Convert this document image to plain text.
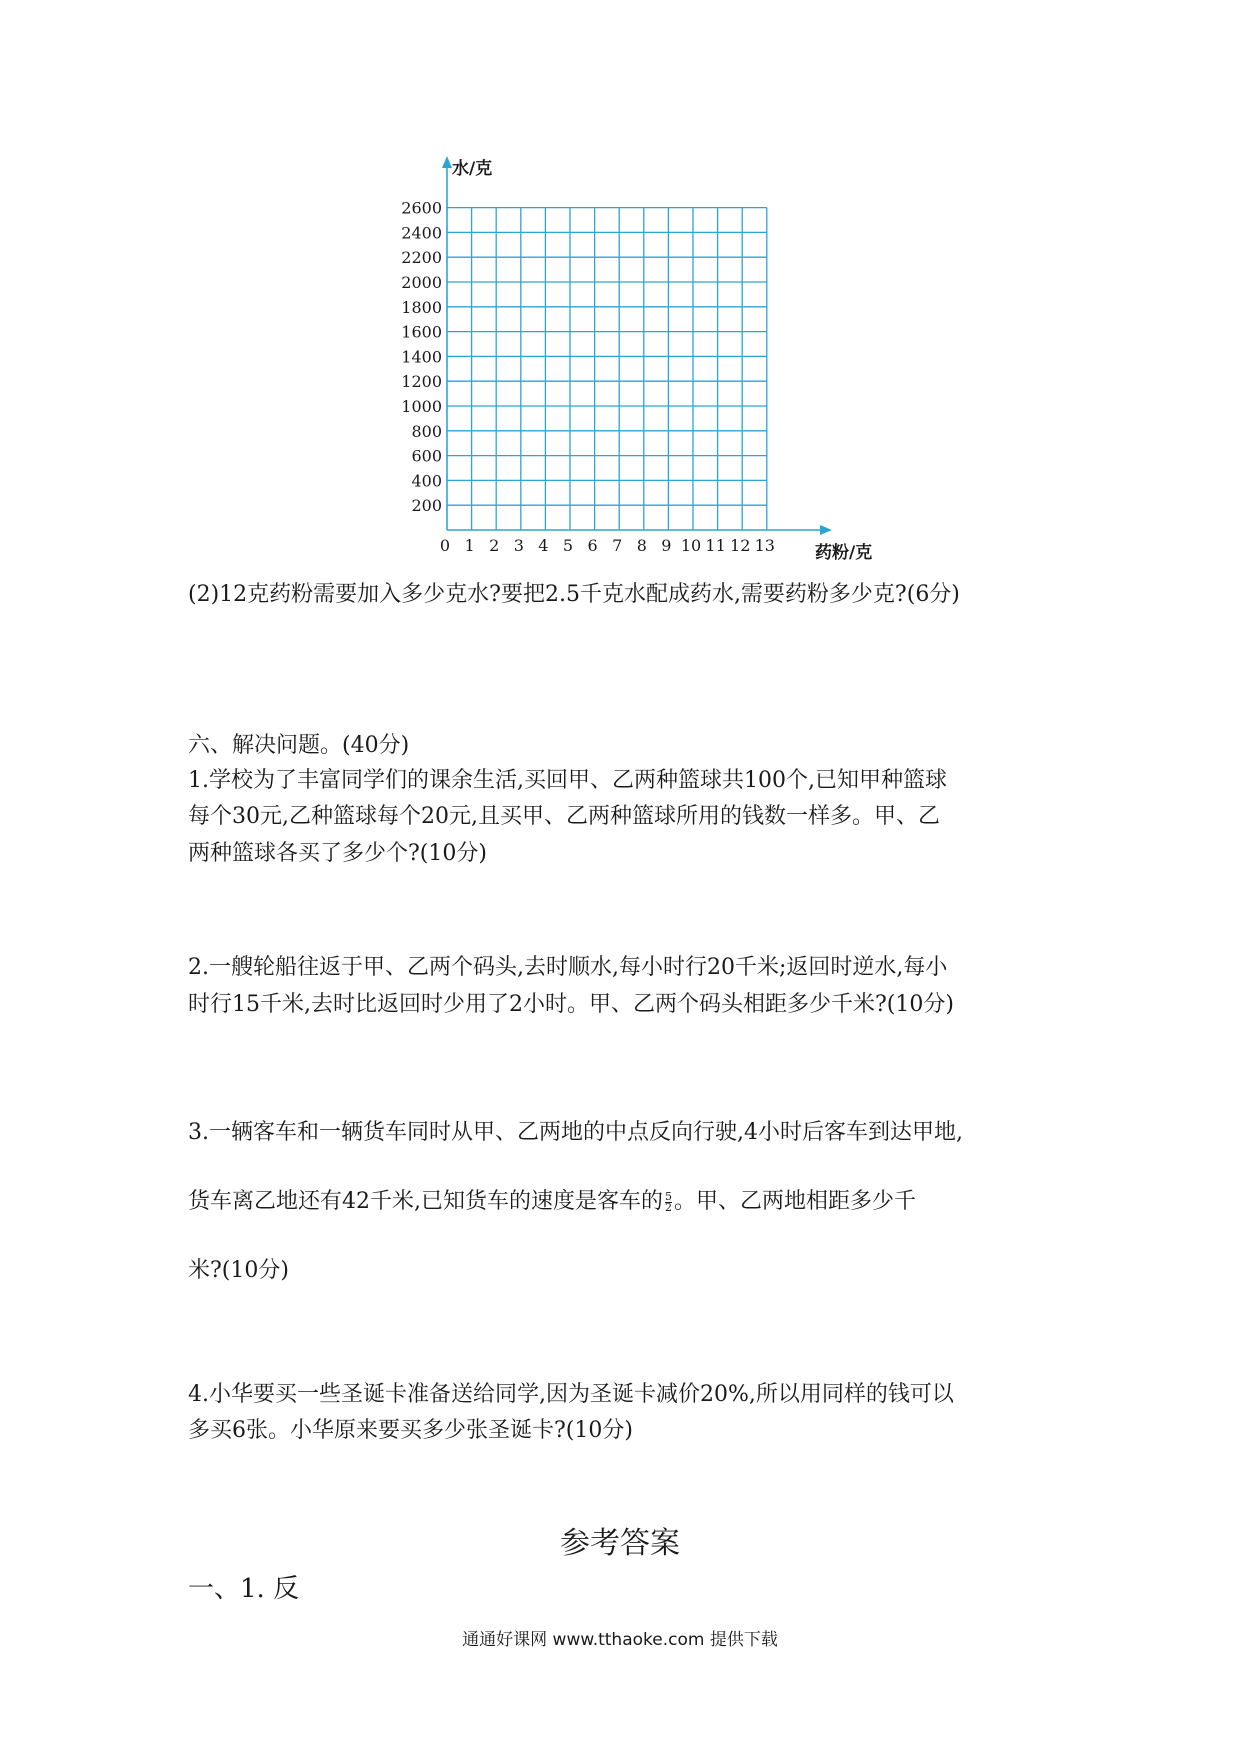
200
400
600
800
1000
1200
1400
1600
1800
2000
2200
2400
2600
0 1 2 3 4 5 6 7 8 9 10 11 12 13
水/克
药粉/克
(2)12克药粉需要加入多少克水?要把2.5千克水配成药水,需要药粉多少克?(6分)
六、解决问题。(40分)
1.学校为了丰富同学们的课余生活,买回甲、乙两种篮球共100个,已知甲种篮球
每个30元,乙种篮球每个20元,且买甲、乙两种篮球所用的钱数一样多。甲、乙
两种篮球各买了多少个?(10分)
2.一艘轮船往返于甲、乙两个码头,去时顺水,每小时行20千米;返回时逆水,每小
时行15千米,去时比返回时少用了2小时。甲、乙两个码头相距多少千米?(10分)
3.一辆客车和一辆货车同时从甲、乙两地的中点反向行驶,4小时后客车到达甲地,
货车离乙地还有42千米,已知货车的速度是客车的 $\frac{5}{2}$ 。甲、乙两地相距多少千
米?(10分)
4.小华要买一些圣诞卡准备送给同学,因为圣诞卡减价20%,所以用同样的钱可以
多买6张。小华原来要买多少张圣诞卡?(10分)
参考答案
一、1. 反
通通好课网 www.tthaoke.com 提供下载
